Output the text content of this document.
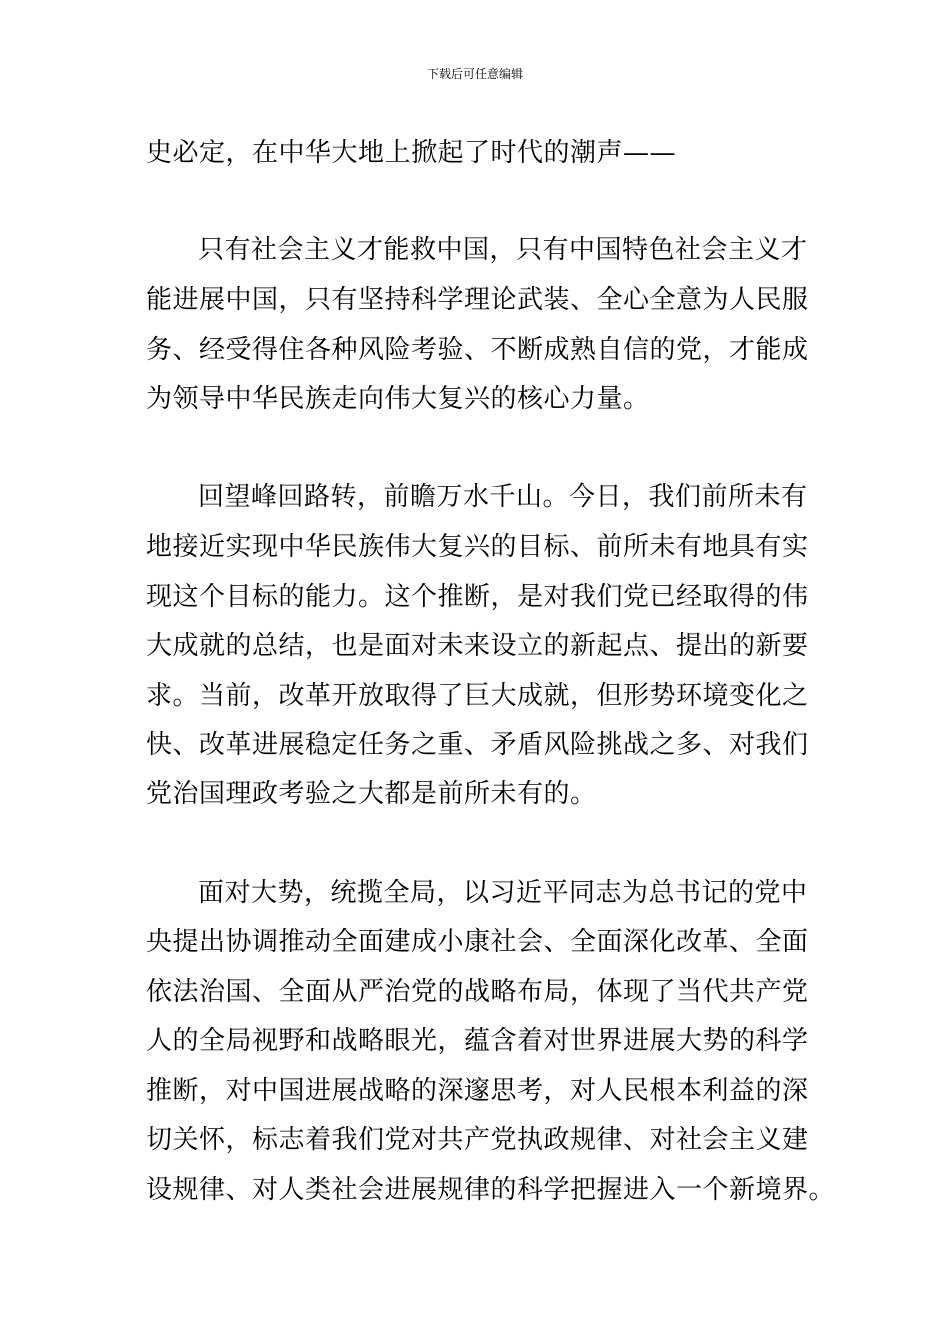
下载后可任意编辑
史必定，在中华大地上掀起了时代的潮声——
只有社会主义才能救中国，只有中国特色社会主义才
能进展中国，只有坚持科学理论武装、全心全意为人民服
务、经受得住各种风险考验、不断成熟自信的党，才能成
为领导中华民族走向伟大复兴的核心力量。
回望峰回路转，前瞻万水千山。今日，我们前所未有
地接近实现中华民族伟大复兴的目标、前所未有地具有实
现这个目标的能力。这个推断，是对我们党已经取得的伟
大成就的总结，也是面对未来设立的新起点、提出的新要
求。当前，改革开放取得了巨大成就，但形势环境变化之
快、改革进展稳定任务之重、矛盾风险挑战之多、对我们
党治国理政考验之大都是前所未有的。
面对大势，统揽全局，以习近平同志为总书记的党中
央提出协调推动全面建成小康社会、全面深化改革、全面
依法治国、全面从严治党的战略布局，体现了当代共产党
人的全局视野和战略眼光，蕴含着对世界进展大势的科学
推断，对中国进展战略的深邃思考，对人民根本利益的深
切关怀，标志着我们党对共产党执政规律、对社会主义建
设规律、对人类社会进展规律的科学把握进入一个新境界。
